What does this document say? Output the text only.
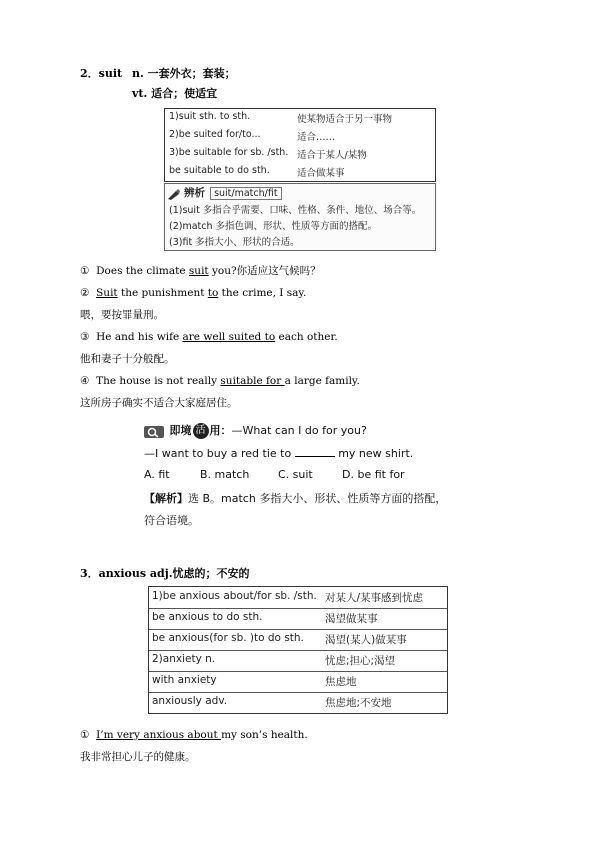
2．suit n. 一套外衣；套装；
vt. 适合；使适宜
1)suit sth. to sth.	使某物适合于另一事物
2)be suited for/to...	适合……
3)be suitable for sb. /sth. 适合于某人/某物
be suitable to do sth.	适合做某事
辨析 suit/match/fit
(1)suit 多指合乎需要、口味、性格、条件、地位、场合等。
(2)match 多指色调、形状、性质等方面的搭配。
(3)fit 多指大小、形状的合适。
① Does the climate suit you?你适应这气候吗？
② Suit the punishment to the crime, I say.
喂，要按罪量刑。
③ He and his wife are well suited to each other.
他和妻子十分般配。
④ The house is not really suitable for a large family.
这所房子确实不适合大家庭居住。
即境 活 用：—What can I do for you?
—I want to buy a red tie to	my new shirt.
A. fit	B. match	C. suit	D. be fit for
【解析】选 B。match 多指大小、形状、性质等方面的搭配，
符合语境。
3．anxious adj.忧虑的；不安的
1)be anxious about/for sb. /sth. 对某人/某事感到忧虑
be anxious to do sth.	渴望做某事
be anxious(for sb. )to do sth. 渴望(某人)做某事
2)anxiety n.	忧虑;担心;渴望
with anxiety	焦虑地
anxiously adv.	焦虑地;不安地
① I’m very anxious about my son’s health.
我非常担心儿子的健康。
